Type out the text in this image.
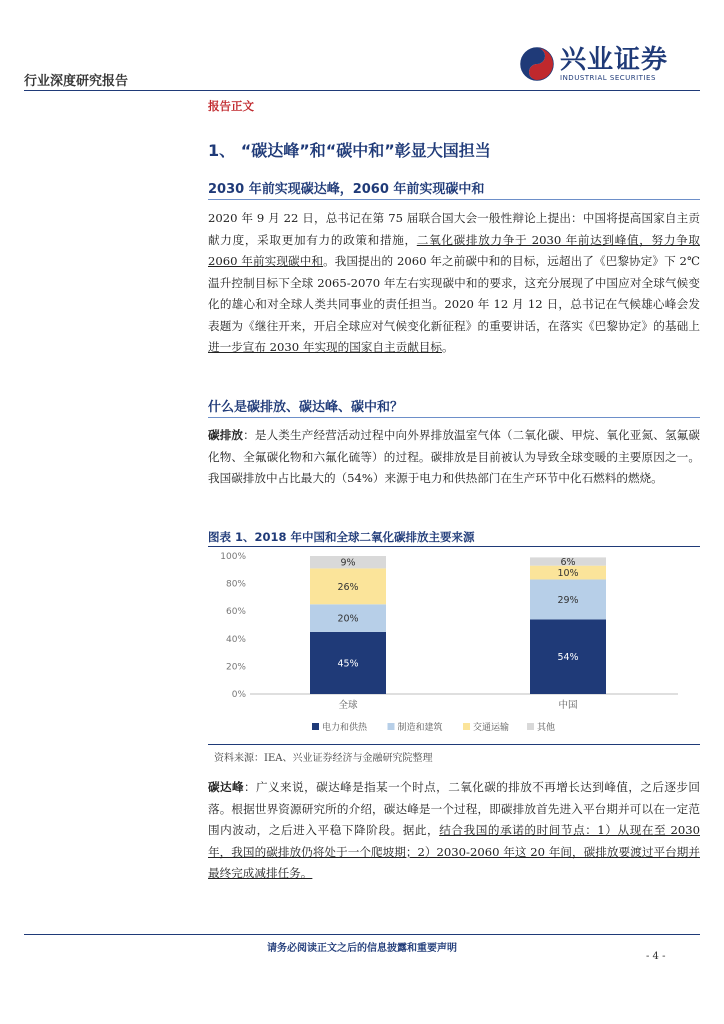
行业深度研究报告
兴业证券
INDUSTRIAL SECURITIES
报告正文
1、 “碳达峰”和“碳中和”彰显大国担当
2030 年前实现碳达峰，2060 年前实现碳中和
2020 年 9 月 22 日，总书记在第 75 届联合国大会一般性辩论上提出：中国将提高国家自主贡献力度，采取更加有力的政策和措施，二氧化碳排放力争于 2030 年前达到峰值，努力争取 2060 年前实现碳中和。我国提出的 2060 年之前碳中和的目标，远超出了《巴黎协定》下 2℃温升控制目标下全球 2065-2070 年左右实现碳中和的要求，这充分展现了中国应对全球气候变化的雄心和对全球人类共同事业的责任担当。2020 年 12 月 12 日，总书记在气候雄心峰会发表题为《继往开来，开启全球应对气候变化新征程》的重要讲话，在落实《巴黎协定》的基础上进一步宣布 2030 年实现的国家自主贡献目标。
什么是碳排放、碳达峰、碳中和？
碳排放：是人类生产经营活动过程中向外界排放温室气体（二氧化碳、甲烷、氧化亚氮、氢氟碳化物、全氟碳化物和六氟化硫等）的过程。碳排放是目前被认为导致全球变暖的主要原因之一。我国碳排放中占比最大的（54%）来源于电力和供热部门在生产环节中化石燃料的燃烧。
图表 1、2018 年中国和全球二氧化碳排放主要来源
0%
20%
40%
60%
80%
100%
45%
20%
26%
9%
54%
29%
10%
6%
全球	中国
电力和供热	制造和建筑	交通运输	其他
资料来源：IEA、兴业证券经济与金融研究院整理
碳达峰：广义来说，碳达峰是指某一个时点，二氧化碳的排放不再增长达到峰值，之后逐步回落。根据世界资源研究所的介绍，碳达峰是一个过程，即碳排放首先进入平台期并可以在一定范围内波动，之后进入平稳下降阶段。据此，结合我国的承诺的时间节点：1）从现在至 2030 年，我国的碳排放仍将处于一个爬坡期；2）2030-2060 年这 20 年间，碳排放要渡过平台期并最终完成减排任务。
请务必阅读正文之后的信息披露和重要声明
- 4 -
